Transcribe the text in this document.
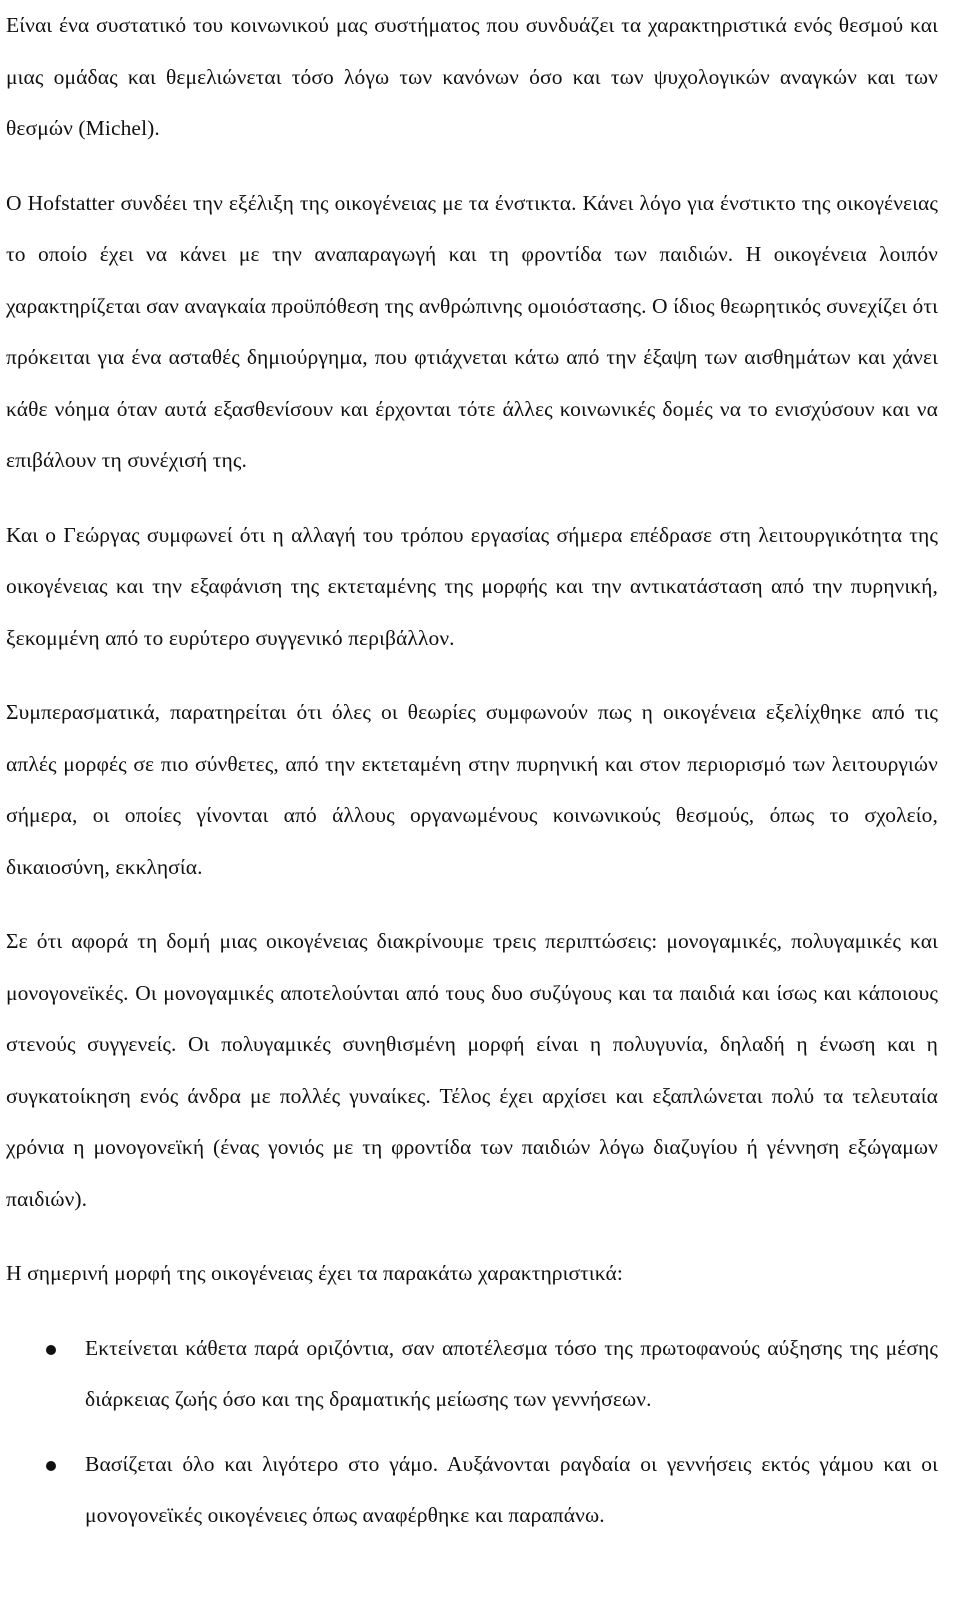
Είναι ένα συστατικό του κοινωνικού μας συστήματος που συνδυάζει τα χαρακτηριστικά ενός θεσμού και μιας ομάδας και θεμελιώνεται τόσο λόγω των κανόνων όσο και των ψυχολογικών αναγκών και των θεσμών (Michel).

Ο Hofstatter συνδέει την εξέλιξη της οικογένειας με τα ένστικτα. Κάνει λόγο για ένστικτο της οικογένειας το οποίο έχει να κάνει με την αναπαραγωγή και τη φροντίδα των παιδιών. Η οικογένεια λοιπόν χαρακτηρίζεται σαν αναγκαία προϋπόθεση της ανθρώπινης ομοιόστασης. Ο ίδιος θεωρητικός συνεχίζει ότι πρόκειται για ένα ασταθές δημιούργημα, που φτιάχνεται κάτω από την έξαψη των αισθημάτων και χάνει κάθε νόημα όταν αυτά εξασθενίσουν και έρχονται τότε άλλες κοινωνικές δομές να το ενισχύσουν και να επιβάλουν τη συνέχισή της.

Και ο Γεώργας συμφωνεί ότι η αλλαγή του τρόπου εργασίας σήμερα επέδρασε στη λειτουργικότητα της οικογένειας και την εξαφάνιση της εκτεταμένης της μορφής και την αντικατάσταση από την πυρηνική, ξεκομμένη από το ευρύτερο συγγενικό περιβάλλον.

Συμπερασματικά, παρατηρείται ότι όλες οι θεωρίες συμφωνούν πως η οικογένεια εξελίχθηκε από τις απλές μορφές σε πιο σύνθετες, από την εκτεταμένη στην πυρηνική και στον περιορισμό των λειτουργιών σήμερα, οι οποίες γίνονται από άλλους οργανωμένους κοινωνικούς θεσμούς, όπως το σχολείο, δικαιοσύνη, εκκλησία.

Σε ότι αφορά τη δομή μιας οικογένειας διακρίνουμε τρεις περιπτώσεις: μονογαμικές, πολυγαμικές και μονογονεϊκές. Οι μονογαμικές αποτελούνται από τους δυο συζύγους και τα παιδιά και ίσως και κάποιους στενούς συγγενείς. Οι πολυγαμικές συνηθισμένη μορφή είναι η πολυγυνία, δηλαδή η ένωση και η συγκατοίκηση ενός άνδρα με πολλές γυναίκες. Τέλος έχει αρχίσει και εξαπλώνεται πολύ τα τελευταία χρόνια η μονογονεϊκή (ένας γονιός με τη φροντίδα των παιδιών λόγω διαζυγίου ή γέννηση εξώγαμων παιδιών).

Η σημερινή μορφή της οικογένειας έχει τα παρακάτω χαρακτηριστικά:

Εκτείνεται κάθετα παρά οριζόντια, σαν αποτέλεσμα τόσο της πρωτοφανούς αύξησης της μέσης διάρκειας ζωής όσο και της δραματικής μείωσης των γεννήσεων.

Βασίζεται όλο και λιγότερο στο γάμο. Αυξάνονται ραγδαία οι γεννήσεις εκτός γάμου και οι μονογονεϊκές οικογένειες όπως αναφέρθηκε και παραπάνω.
